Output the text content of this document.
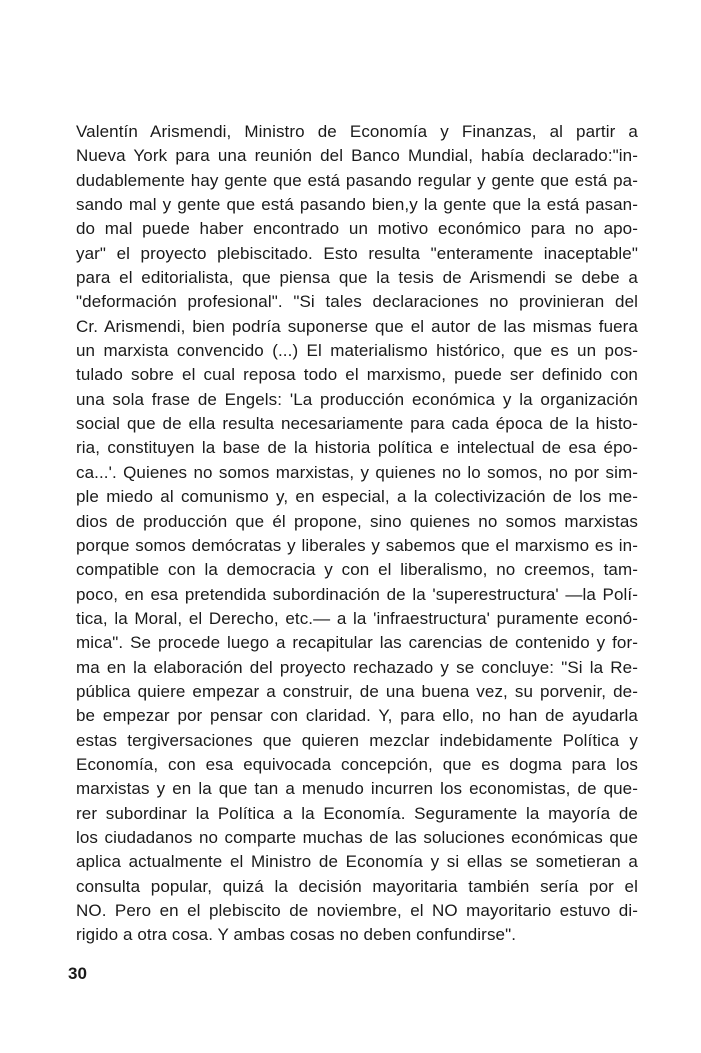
Valentín Arismendi, Ministro de Economía y Finanzas, al partir a
Nueva York para una reunión del Banco Mundial, había declarado:"in-
dudablemente hay gente que está pasando regular y gente que está pa-
sando mal y gente que está pasando bien,y la gente que la está pasan-
do mal puede haber encontrado un motivo económico para no apo-
yar" el proyecto plebiscitado. Esto resulta "enteramente inaceptable"
para el editorialista, que piensa que la tesis de Arismendi se debe a
"deformación profesional". "Si tales declaraciones no provinieran del
Cr. Arismendi, bien podría suponerse que el autor de las mismas fuera
un marxista convencido (...) El materialismo histórico, que es un pos-
tulado sobre el cual reposa todo el marxismo, puede ser definido con
una sola frase de Engels: 'La producción económica y la organización
social que de ella resulta necesariamente para cada época de la histo-
ria, constituyen la base de la historia política e intelectual de esa épo-
ca...'. Quienes no somos marxistas, y quienes no lo somos, no por sim-
ple miedo al comunismo y, en especial, a la colectivización de los me-
dios de producción que él propone, sino quienes no somos marxistas
porque somos demócratas y liberales y sabemos que el marxismo es in-
compatible con la democracia y con el liberalismo, no creemos, tam-
poco, en esa pretendida subordinación de la 'superestructura' —la Polí-
tica, la Moral, el Derecho, etc.— a la 'infraestructura' puramente econó-
mica". Se procede luego a recapitular las carencias de contenido y for-
ma en la elaboración del proyecto rechazado y se concluye: "Si la Re-
pública quiere empezar a construir, de una buena vez, su porvenir, de-
be empezar por pensar con claridad. Y, para ello, no han de ayudarla
estas tergiversaciones que quieren mezclar indebidamente Política y
Economía, con esa equivocada concepción, que es dogma para los
marxistas y en la que tan a menudo incurren los economistas, de que-
rer subordinar la Política a la Economía. Seguramente la mayoría de
los ciudadanos no comparte muchas de las soluciones económicas que
aplica actualmente el Ministro de Economía y si ellas se sometieran a
consulta popular, quizá la decisión mayoritaria también sería por el
NO. Pero en el plebiscito de noviembre, el NO mayoritario estuvo di-
rigido a otra cosa. Y ambas cosas no deben confundirse".
30
